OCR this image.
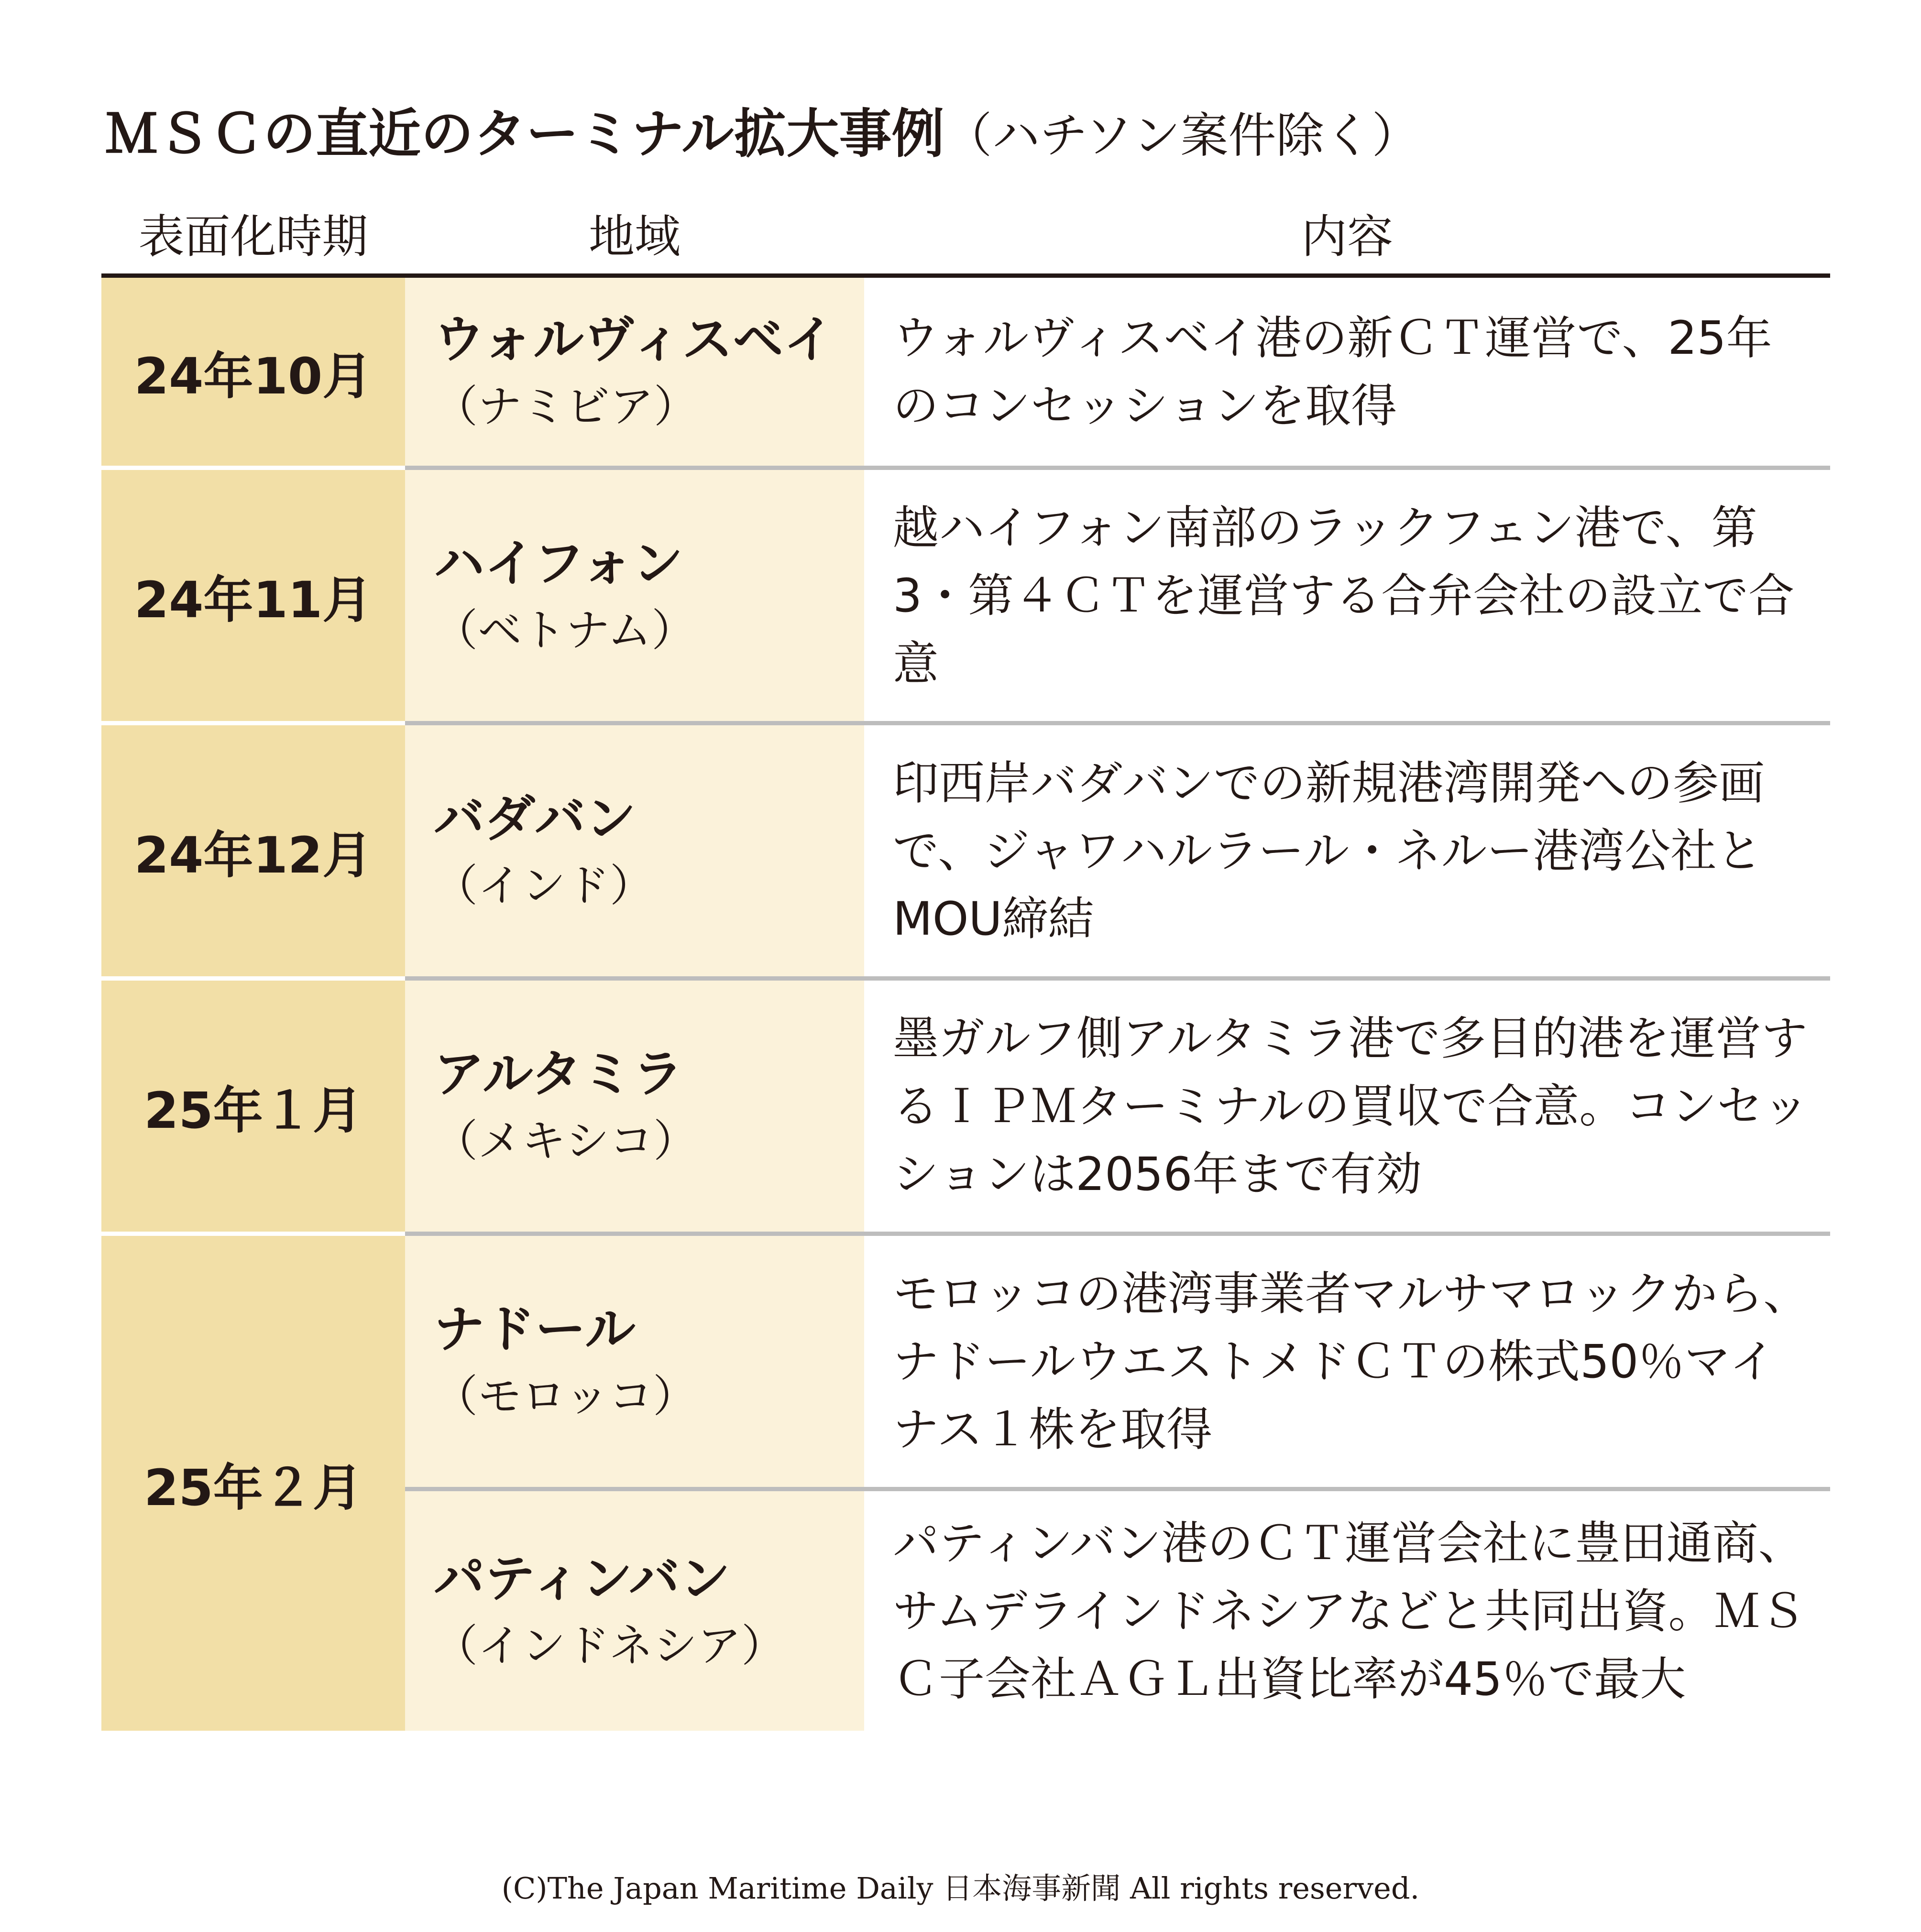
ＭＳＣの直近のターミナル拡大事例（ハチソン案件除く）
表面化時期	地域	内容
24年10月
ウォルヴィスベイ
（ナミビア）
ウォルヴィスベイ港の新ＣＴ運営で、25年のコンセッションを取得
24年11月
ハイフォン
（ベトナム）
越ハイフォン南部のラックフェン港で、第3・第４ＣＴを運営する合弁会社の設立で合意
24年12月
バダバン
（インド）
印西岸バダバンでの新規港湾開発への参画で、ジャワハルラール・ネルー港湾公社とMOU締結
25年１月
アルタミラ
（メキシコ）
墨ガルフ側アルタミラ港で多目的港を運営するＩＰＭターミナルの買収で合意。コンセッションは2056年まで有効
25年２月
ナドール
（モロッコ）
モロッコの港湾事業者マルサマロックから、ナドールウエストメドＣＴの株式50％マイナス１株を取得
パティンバン
（インドネシア）
パティンバン港のＣＴ運営会社に豊田通商、サムデラインドネシアなどと共同出資。ＭＳＣ子会社ＡＧＬ出資比率が45％で最大
(C)The Japan Maritime Daily 日本海事新聞 All rights reserved.
